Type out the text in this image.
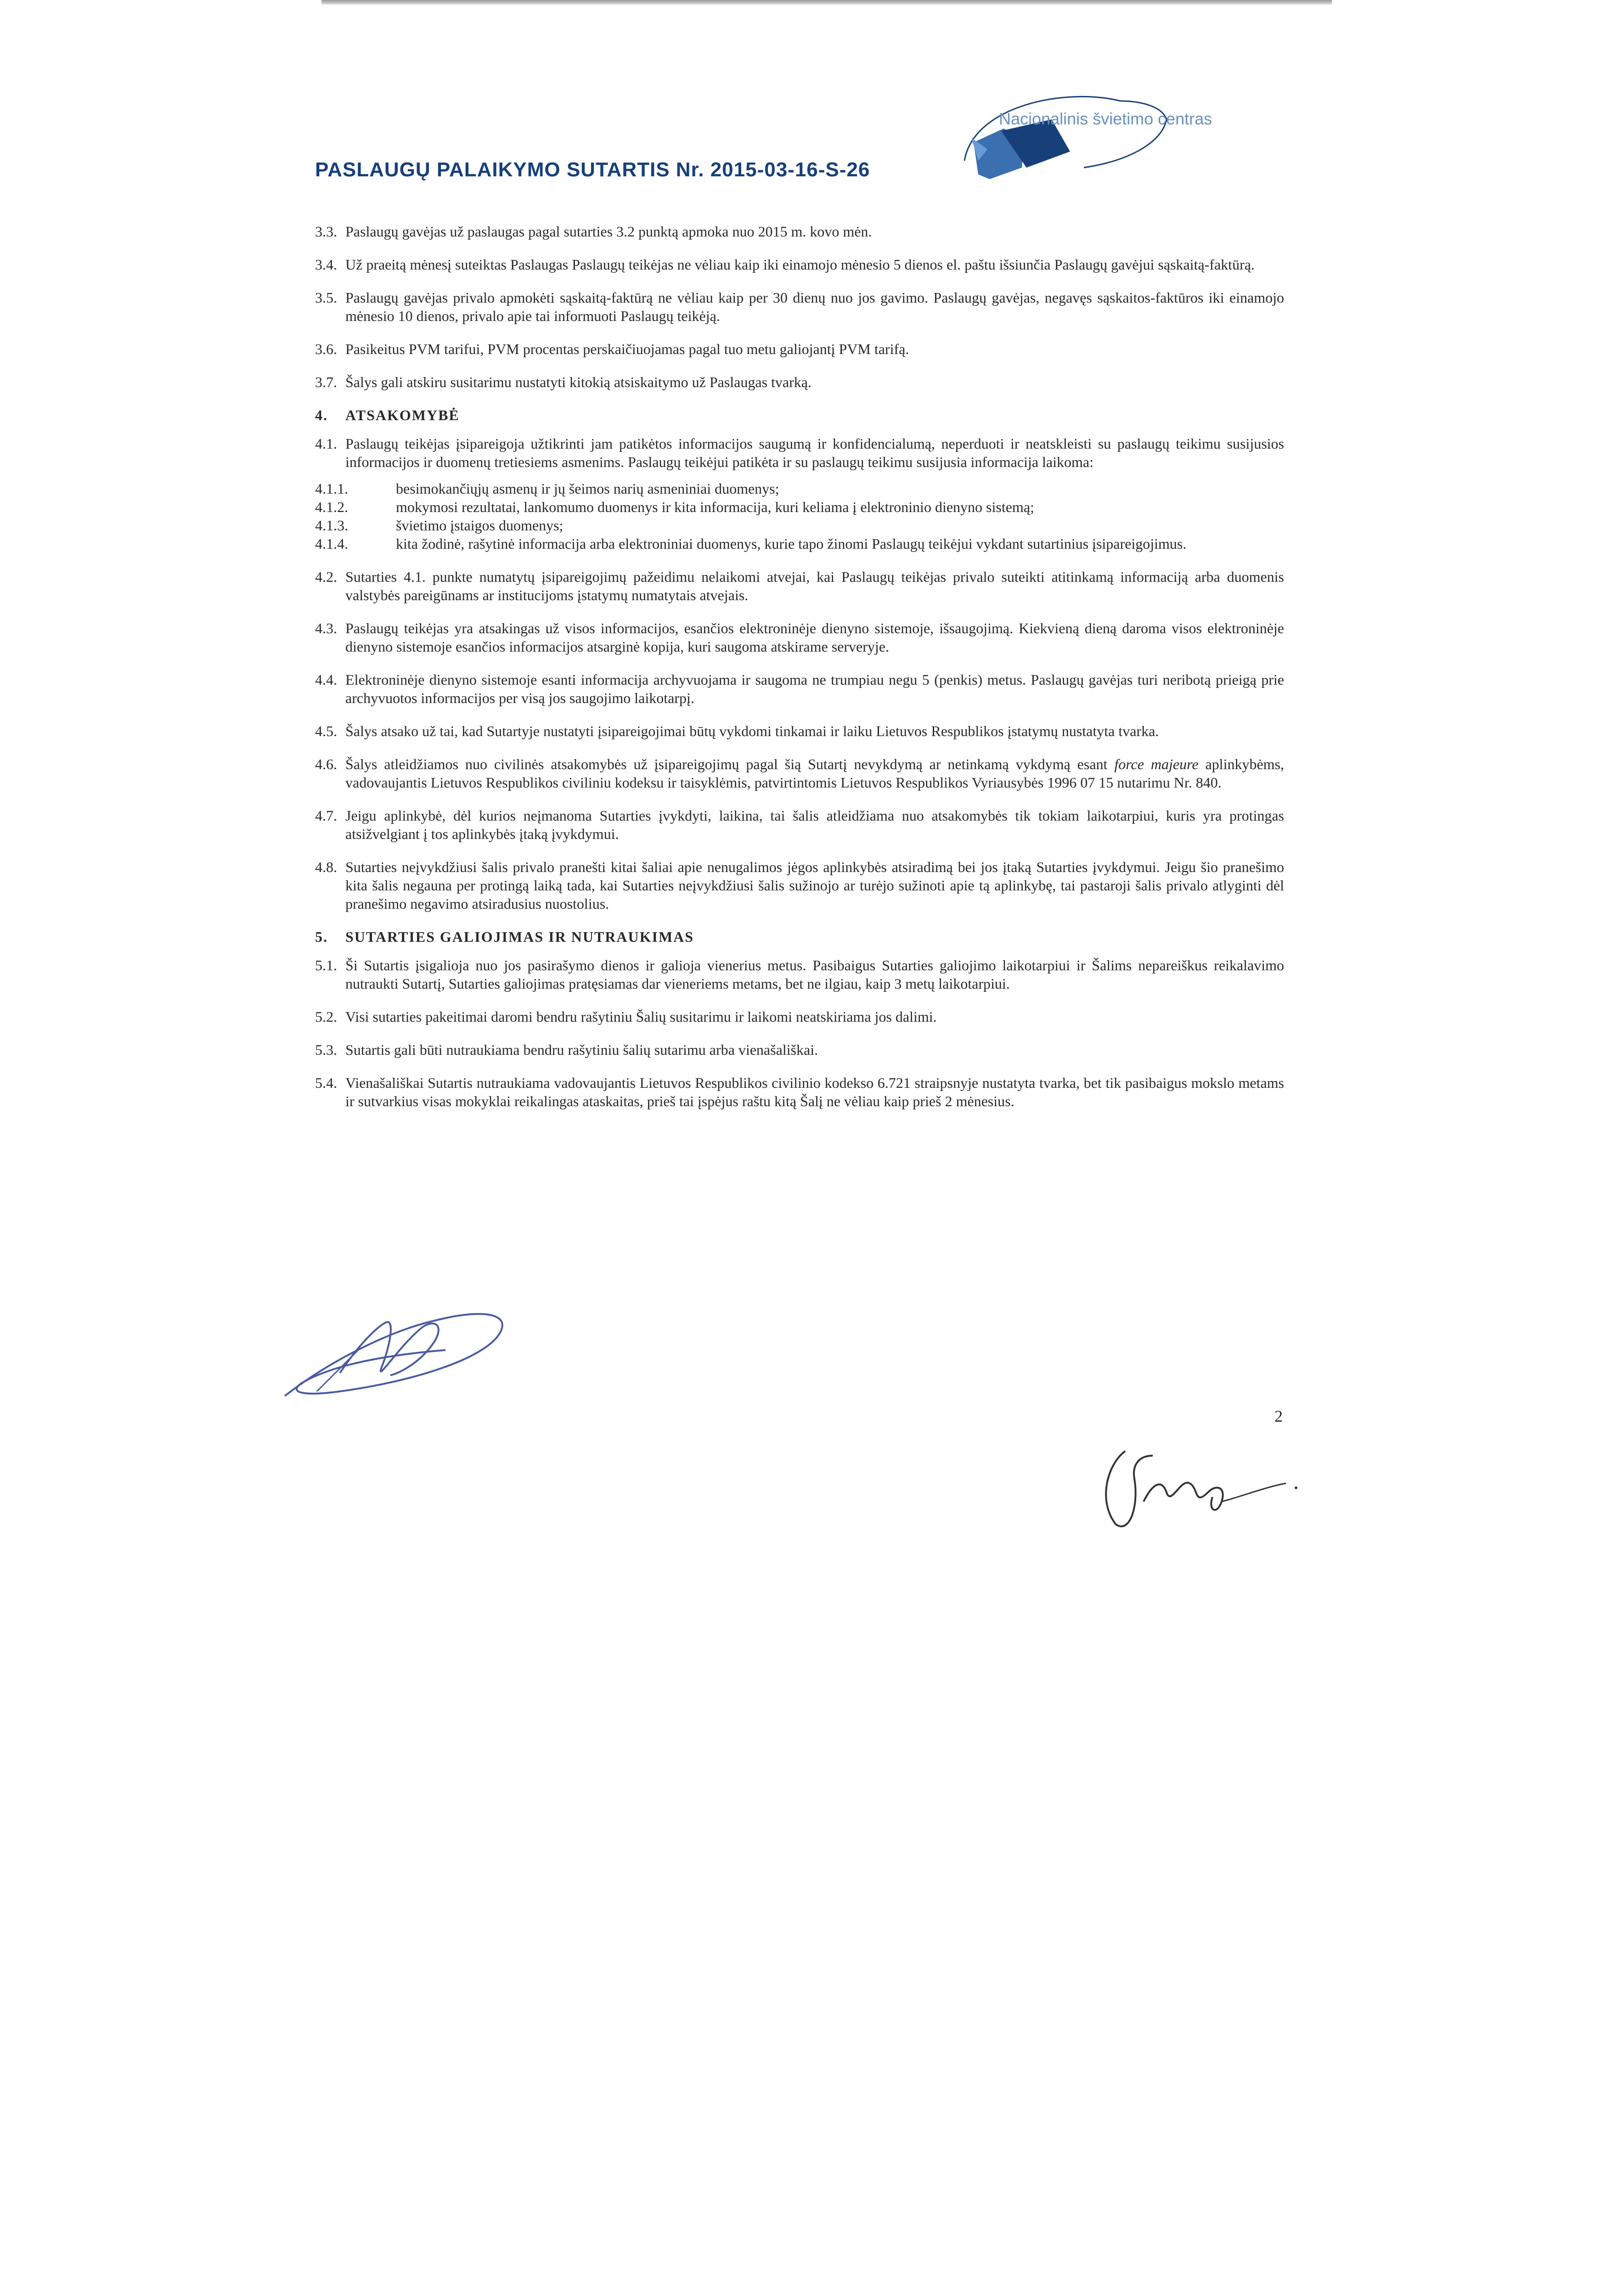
Nacionalinis švietimo centras
PASLAUGŲ PALAIKYMO SUTARTIS Nr. 2015-03-16-S-26
3.3. Paslaugų gavėjas už paslaugas pagal sutarties 3.2 punktą apmoka nuo 2015 m. kovo mėn.
3.4. Už praeitą mėnesį suteiktas Paslaugas Paslaugų teikėjas ne vėliau kaip iki einamojo mėnesio 5 dienos el. paštu išsiunčia Paslaugų gavėjui sąskaitą-faktūrą.
3.5. Paslaugų gavėjas privalo apmokėti sąskaitą-faktūrą ne vėliau kaip per 30 dienų nuo jos gavimo. Paslaugų gavėjas, negavęs sąskaitos-faktūros iki einamojo mėnesio 10 dienos, privalo apie tai informuoti Paslaugų teikėją.
3.6. Pasikeitus PVM tarifui, PVM procentas perskaičiuojamas pagal tuo metu galiojantį PVM tarifą.
3.7. Šalys gali atskiru susitarimu nustatyti kitokią atsiskaitymo už Paslaugas tvarką.
4. ATSAKOMYBĖ
4.1. Paslaugų teikėjas įsipareigoja užtikrinti jam patikėtos informacijos saugumą ir konfidencialumą, neperduoti ir neatskleisti su paslaugų teikimu susijusios informacijos ir duomenų tretiesiems asmenims. Paslaugų teikėjui patikėta ir su paslaugų teikimu susijusia informacija laikoma:
4.1.1.	besimokančiųjų asmenų ir jų šeimos narių asmeniniai duomenys;
4.1.2.	mokymosi rezultatai, lankomumo duomenys ir kita informacija, kuri keliama į elektroninio dienyno sistemą;
4.1.3.	švietimo įstaigos duomenys;
4.1.4.	kita žodinė, rašytinė informacija arba elektroniniai duomenys, kurie tapo žinomi Paslaugų teikėjui vykdant sutartinius įsipareigojimus.
4.2. Sutarties 4.1. punkte numatytų įsipareigojimų pažeidimu nelaikomi atvejai, kai Paslaugų teikėjas privalo suteikti atitinkamą informaciją arba duomenis valstybės pareigūnams ar institucijoms įstatymų numatytais atvejais.
4.3. Paslaugų teikėjas yra atsakingas už visos informacijos, esančios elektroninėje dienyno sistemoje, išsaugojimą. Kiekvieną dieną daroma visos elektroninėje dienyno sistemoje esančios informacijos atsarginė kopija, kuri saugoma atskirame serveryje.
4.4. Elektroninėje dienyno sistemoje esanti informacija archyvuojama ir saugoma ne trumpiau negu 5 (penkis) metus. Paslaugų gavėjas turi neribotą prieigą prie archyvuotos informacijos per visą jos saugojimo laikotarpį.
4.5. Šalys atsako už tai, kad Sutartyje nustatyti įsipareigojimai būtų vykdomi tinkamai ir laiku Lietuvos Respublikos įstatymų nustatyta tvarka.
4.6. Šalys atleidžiamos nuo civilinės atsakomybės už įsipareigojimų pagal šią Sutartį nevykdymą ar netinkamą vykdymą esant force majeure aplinkybėms, vadovaujantis Lietuvos Respublikos civiliniu kodeksu ir taisyklėmis, patvirtintomis Lietuvos Respublikos Vyriausybės 1996 07 15 nutarimu Nr. 840.
4.7. Jeigu aplinkybė, dėl kurios neįmanoma Sutarties įvykdyti, laikina, tai šalis atleidžiama nuo atsakomybės tik tokiam laikotarpiui, kuris yra protingas atsižvelgiant į tos aplinkybės įtaką įvykdymui.
4.8. Sutarties neįvykdžiusi šalis privalo pranešti kitai šaliai apie nenugalimos jėgos aplinkybės atsiradimą bei jos įtaką Sutarties įvykdymui. Jeigu šio pranešimo kita šalis negauna per protingą laiką tada, kai Sutarties neįvykdžiusi šalis sužinojo ar turėjo sužinoti apie tą aplinkybę, tai pastaroji šalis privalo atlyginti dėl pranešimo negavimo atsiradusius nuostolius.
5. SUTARTIES GALIOJIMAS IR NUTRAUKIMAS
5.1. Ši Sutartis įsigalioja nuo jos pasirašymo dienos ir galioja vienerius metus. Pasibaigus Sutarties galiojimo laikotarpiui ir Šalims nepareiškus reikalavimo nutraukti Sutartį, Sutarties galiojimas pratęsiamas dar vieneriems metams, bet ne ilgiau, kaip 3 metų laikotarpiui.
5.2. Visi sutarties pakeitimai daromi bendru rašytiniu Šalių susitarimu ir laikomi neatskiriama jos dalimi.
5.3. Sutartis gali būti nutraukiama bendru rašytiniu šalių sutarimu arba vienašališkai.
5.4. Vienašališkai Sutartis nutraukiama vadovaujantis Lietuvos Respublikos civilinio kodekso 6.721 straipsnyje nustatyta tvarka, bet tik pasibaigus mokslo metams ir sutvarkius visas mokyklai reikalingas ataskaitas, prieš tai įspėjus raštu kitą Šalį ne vėliau kaip prieš 2 mėnesius.
2
